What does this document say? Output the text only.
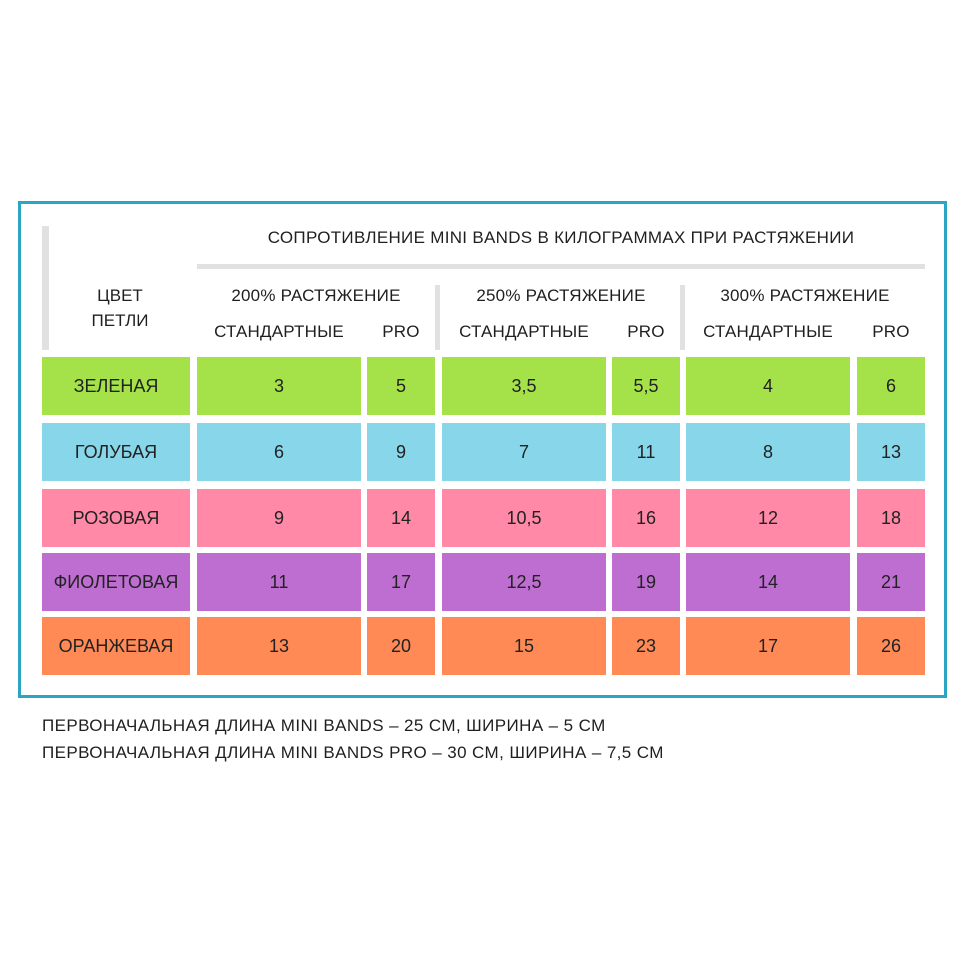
СОПРОТИВЛЕНИЕ MINI BANDS В КИЛОГРАММАХ ПРИ РАСТЯЖЕНИИ
ЦВЕТ
ПЕТЛИ
200% РАСТЯЖЕНИЕ	250% РАСТЯЖЕНИЕ	300% РАСТЯЖЕНИЕ
СТАНДАРТНЫЕ	PRO	СТАНДАРТНЫЕ	PRO	СТАНДАРТНЫЕ	PRO
ЗЕЛЕНАЯ	3	5	3,5	5,5	4	6
ГОЛУБАЯ	6	9	7	11	8	13
РОЗОВАЯ	9	14	10,5	16	12	18
ФИОЛЕТОВАЯ	11	17	12,5	19	14	21
ОРАНЖЕВАЯ	13	20	15	23	17	26
ПЕРВОНАЧАЛЬНАЯ ДЛИНА MINI BANDS – 25 СМ, ШИРИНА – 5 СМ
ПЕРВОНАЧАЛЬНАЯ ДЛИНА MINI BANDS PRO – 30 СМ, ШИРИНА – 7,5 СМ
